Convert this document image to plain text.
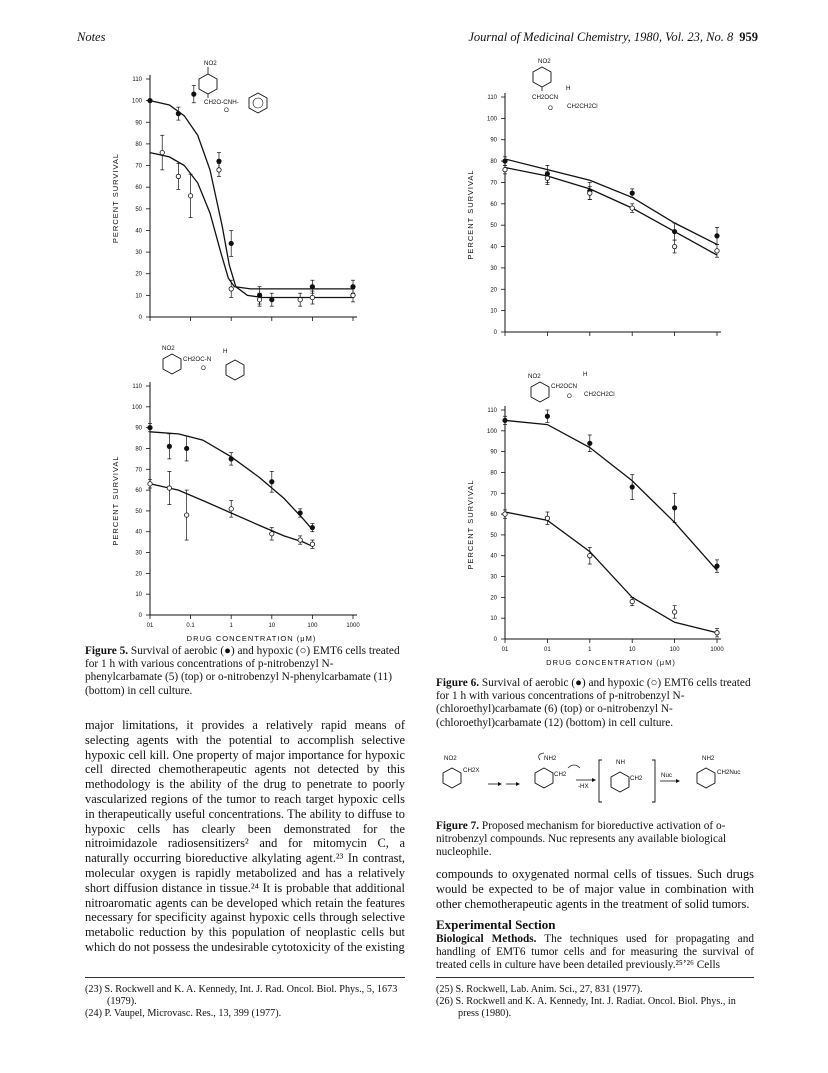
Notes	Journal of Medicinal Chemistry, 1980, Vol. 23, No. 8 959
NO2
CH2O-CNH-
O
0
10
20
30
40
50
60
70
80
90
100
110
PERCENT SURVIVAL
NO2
CH2OC-N
H
O
0
10
20
30
40
50
60
70
80
90
100
110
01	0.1	1	10	100	1000
PERCENT SURVIVAL
DRUG CONCENTRATION (μM)
Figure 5. Survival of aerobic (●) and hypoxic (○) EMT6 cells treated for 1 h with various concentrations of p-nitrobenzyl N-phenylcarbamate (5) (top) or o-nitrobenzyl N-phenylcarbamate (11) (bottom) in cell culture.
NO2
CH2OCN
H
CH2CH2Cl
O
0
10
20
30
40
50
60
70
80
90
100
110
PERCENT SURVIVAL
NO2
CH2OCN
H
CH2CH2Cl
O
0
10
20
30
40
50
60
70
80
90
100
110
01	01	1	10	100	1000
PERCENT SURVIVAL
DRUG CONCENTRATION (μM)
Figure 6. Survival of aerobic (●) and hypoxic (○) EMT6 cells treated for 1 h with various concentrations of p-nitrobenzyl N-(chloroethyl)carbamate (6) (top) or o-nitrobenzyl N-(chloroethyl)carbamate (12) (bottom) in cell culture.
NO2
CH2X
NH2
CH2
-HX
NH
CH2	Nuc
NH2
CH2Nuc
Figure 7. Proposed mechanism for bioreductive activation of o-nitrobenzyl compounds. Nuc represents any available biological nucleophile.

major limitations, it provides a relatively rapid means of selecting agents with the potential to accomplish selective hypoxic cell kill. One property of major importance for hypoxic cell directed chemotherapeutic agents not detected by this methodology is the ability of the drug to penetrate to poorly vascularized regions of the tumor to reach target hypoxic cells in therapeutically useful concentrations. The ability to diffuse to hypoxic cells has clearly been demonstrated for the nitroimidazole radiosensitizers² and for mitomycin C, a naturally occurring bioreductive alkylating agent.²³ In contrast, molecular oxygen is rapidly metabolized and has a relatively short diffusion distance in tissue.²⁴ It is probable that additional nitroaromatic agents can be developed which retain the features necessary for specificity against hypoxic cells through selective metabolic reduction by this population of neoplastic cells but which do not possess the undesirable cytotoxicity of the existing

compounds to oxygenated normal cells of tissues. Such drugs would be expected to be of major value in combination with other chemotherapeutic agents in the treatment of solid tumors.

Experimental Section

Biological Methods. The techniques used for propagating and handling of EMT6 tumor cells and for measuring the survival of treated cells in culture have been detailed previously.²⁵ʼ²⁶ Cells

(23) S. Rockwell and K. A. Kennedy, Int. J. Rad. Oncol. Biol. Phys., 5, 1673 (1979).
(24) P. Vaupel, Microvasc. Res., 13, 399 (1977).
(25) S. Rockwell, Lab. Anim. Sci., 27, 831 (1977).
(26) S. Rockwell and K. A. Kennedy, Int. J. Radiat. Oncol. Biol. Phys., in press (1980).
